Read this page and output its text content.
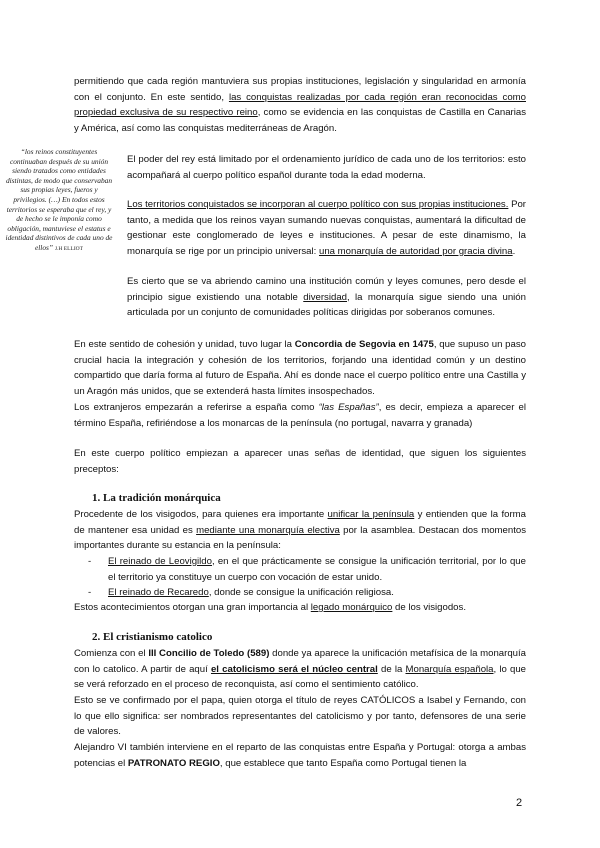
permitiendo que cada región mantuviera sus propias instituciones, legislación y singularidad en armonía con el conjunto. En este sentido, las conquistas realizadas por cada región eran reconocidas como propiedad exclusiva de su respectivo reino, como se evidencia en las conquistas de Castilla en Canarias y América, así como las conquistas mediterráneas de Aragón.

“los reinos constituyentes continuaban después de su unión siendo tratados como entidades distintas, de modo que conservaban sus propias leyes, fueros y privilegios. (…) En todos estos territorios se esperaba que el rey, y de hecho se le imponía como obligación, mantuviese el estatus e identidad distintivos de cada uno de ellos” J.H ELLIOT

El poder del rey está limitado por el ordenamiento jurídico de cada uno de los territorios: esto acompañará al cuerpo político español durante toda la edad moderna.

Los territorios conquistados se incorporan al cuerpo político con sus propias instituciones. Por tanto, a medida que los reinos vayan sumando nuevas conquistas, aumentará la dificultad de gestionar este conglomerado de leyes e instituciones. A pesar de este dinamismo, la monarquía se rige por un principio universal: una monarquía de autoridad por gracia divina.

Es cierto que se va abriendo camino una institución común y leyes comunes, pero desde el principio sigue existiendo una notable diversidad, la monarquía sigue siendo una unión articulada por un conjunto de comunidades políticas dirigidas por soberanos comunes.

En este sentido de cohesión y unidad, tuvo lugar la Concordia de Segovia en 1475, que supuso un paso crucial hacia la integración y cohesión de los territorios, forjando una identidad común y un destino compartido que daría forma al futuro de España. Ahí es donde nace el cuerpo político entre una Castilla y un Aragón más unidos, que se extenderá hasta límites insospechados.

Los extranjeros empezarán a referirse a españa como “las Españas”, es decir, empieza a aparecer el término España, refiriéndose a los monarcas de la península (no portugal, navarra y granada)

En este cuerpo político empiezan a aparecer unas señas de identidad, que siguen los siguientes preceptos:

1. La tradición monárquica

Procedente de los visigodos, para quienes era importante unificar la península y entienden que la forma de mantener esa unidad es mediante una monarquía electiva por la asamblea. Destacan dos momentos importantes durante su estancia en la península:

-	El reinado de Leovigildo, en el que prácticamente se consigue la unificación territorial, por lo que el territorio ya constituye un cuerpo con vocación de estar unido.
-	El reinado de Recaredo, donde se consigue la unificación religiosa.

Estos acontecimientos otorgan una gran importancia al legado monárquico de los visigodos.

2. El cristianismo catolico

Comienza con el III Concilio de Toledo (589) donde ya aparece la unificación metafísica de la monarquía con lo catolico. A partir de aquí el catolicismo será el núcleo central de la Monarquía española, lo que se verá reforzado en el proceso de reconquista, así como el sentimiento católico.

Esto se ve confirmado por el papa, quien otorga el título de reyes CATÓLICOS a Isabel y Fernando, con lo que ello significa: ser nombrados representantes del catolicismo y por tanto, defensores de una serie de valores.

Alejandro VI también interviene en el reparto de las conquistas entre España y Portugal: otorga a ambas potencias el PATRONATO REGIO, que establece que tanto España como Portugal tienen la

2
